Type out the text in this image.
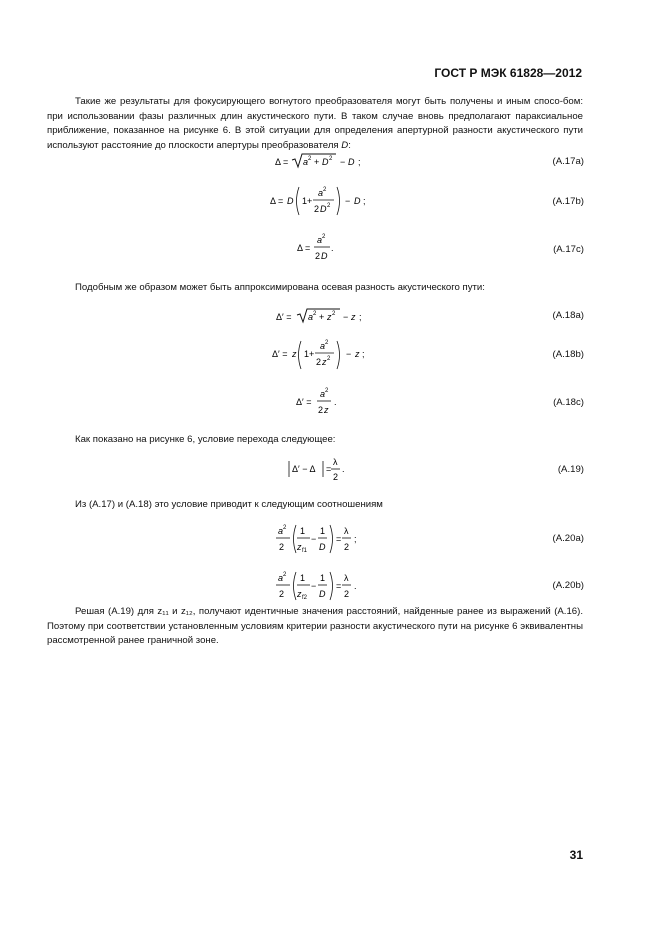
ГОСТ Р МЭК 61828—2012
Такие же результаты для фокусирующего вогнутого преобразователя могут быть получены и иным спосо-бом: при использовании фазы различных длин акустического пути. В таком случае вновь предполагают параксиальное приближение, показанное на рисунке 6. В этой ситуации для определения апертурной разности акустического пути используют расстояние до плоскости апертуры преобразователя D:
Δ = a 2 + D 2 − D ;	(A.17a)
Δ = D 1+
a 2
2 D 2 − D ;	(A.17b)
Δ =
a 2
2 D
.	(A.17c)
Подобным же образом может быть аппроксимирована осевая разность акустического пути:
Δ′ = a 2 + z 2 − z ;	(A.18a)
Δ′ = z 1+
a 2
2 z 2 − z ;	(A.18b)
Δ′ =
a 2
2 z
.	(A.18c)
Как показано на рисунке 6, условие перехода следующее:
Δ′ − Δ =
λ
2
.	(A.19)
Из (А.17) и (А.18) это условие приводит к следующим соотношениям
a 2
2
1
z f1
−
1
D
=
λ
2
;	(A.20a)
a 2
2
1
z f2
−
1
D
=
λ
2
.	(A.20b)
Решая (А.19) для z₁₁ и z₁₂, получают идентичные значения расстояний, найденные ранее из выражений (А.16). Поэтому при соответствии установленным условиям критерии разности акустического пути на рисунке 6 эквивалентны рассмотренной ранее граничной зоне.
31
